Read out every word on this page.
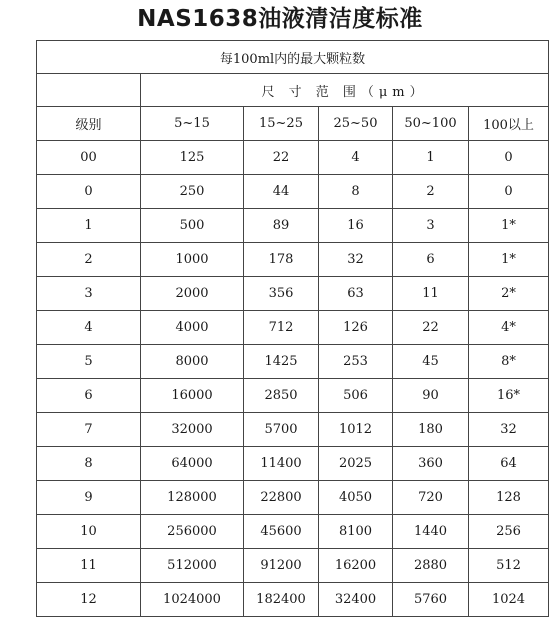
NAS1638油液清洁度标准
每100ml内的最大颗粒数					
	尺 寸 范 围（μm）				
级别	5~15	15~25	25~50	50~100	100以上
00	125	22	4	1	0
0	250	44	8	2	0
1	500	89	16	3	1*
2	1000	178	32	6	1*
3	2000	356	63	11	2*
4	4000	712	126	22	4*
5	8000	1425	253	45	8*
6	16000	2850	506	90	16*
7	32000	5700	1012	180	32
8	64000	11400	2025	360	64
9	128000	22800	4050	720	128
10	256000	45600	8100	1440	256
11	512000	91200	16200	2880	512
12	1024000	182400	32400	5760	1024
